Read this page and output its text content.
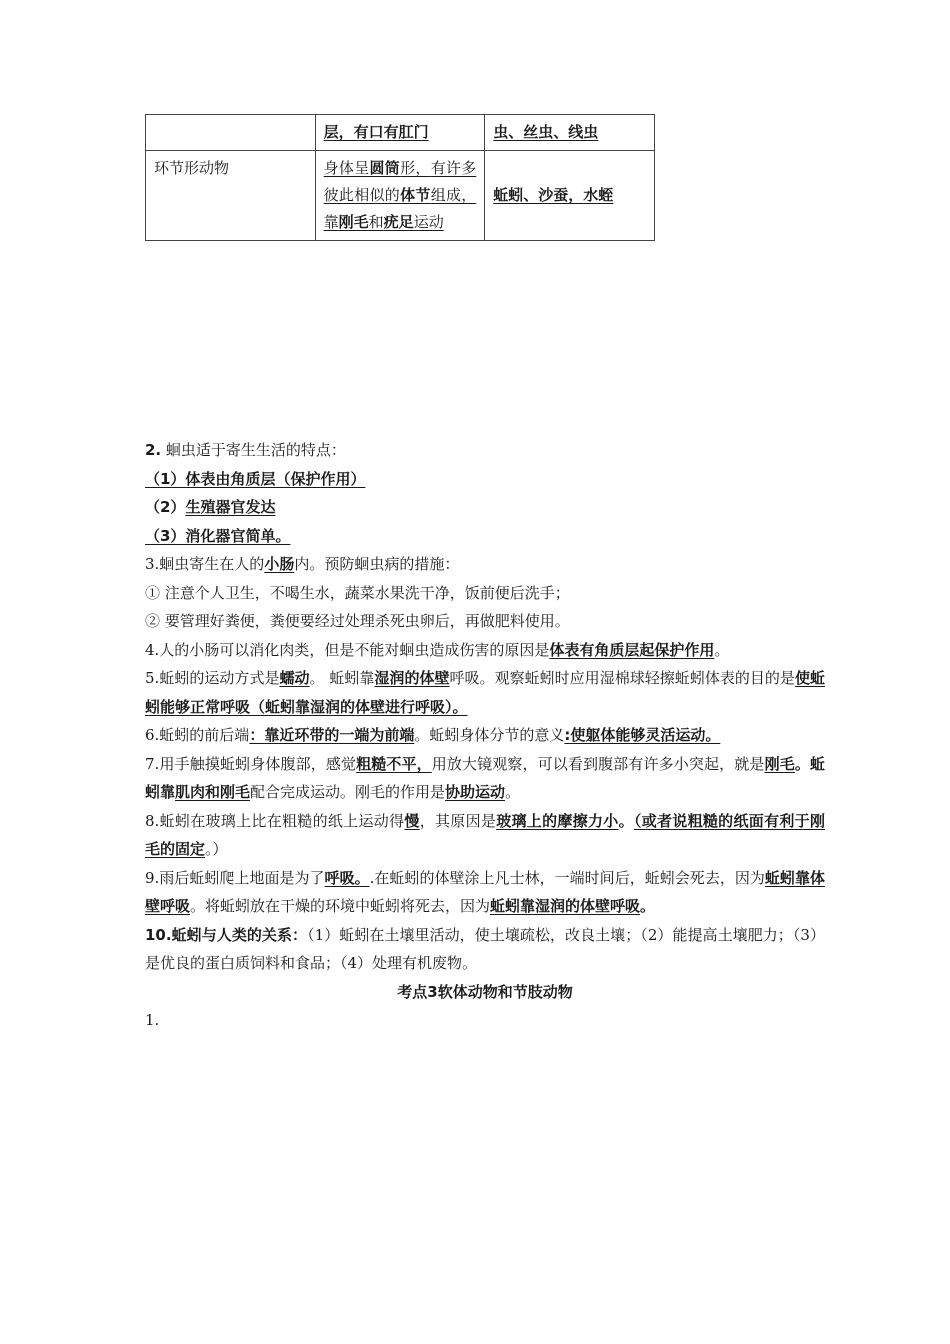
	层，有口有肛门	虫、丝虫、线虫
环节形动物	身体呈圆筒形，有许多彼此相似的体节组成，靠刚毛和疣足运动	蚯蚓、沙蚕，水蛭

2. 蛔虫适于寄生生活的特点：

（1）体表由角质层（保护作用）

（2）生殖器官发达

（3）消化器官简单。

3.蛔虫寄生在人的小肠内。预防蛔虫病的措施：

① 注意个人卫生，不喝生水，蔬菜水果洗干净，饭前便后洗手；

② 要管理好粪便，粪便要经过处理杀死虫卵后，再做肥料使用。

4.人的小肠可以消化肉类，但是不能对蛔虫造成伤害的原因是体表有角质层起保护作用。

5.蚯蚓的运动方式是蠕动。 蚯蚓靠湿润的体壁呼吸。观察蚯蚓时应用湿棉球轻擦蚯蚓体表的目的是使蚯蚓能够正常呼吸（蚯蚓靠湿润的体壁进行呼吸）。

6.蚯蚓的前后端：靠近环带的一端为前端。蚯蚓身体分节的意义:使躯体能够灵活运动。

7.用手触摸蚯蚓身体腹部，感觉粗糙不平，用放大镜观察，可以看到腹部有许多小突起，就是刚毛。蚯蚓靠肌肉和刚毛配合完成运动。刚毛的作用是协助运动。

8.蚯蚓在玻璃上比在粗糙的纸上运动得慢，其原因是玻璃上的摩擦力小。（或者说粗糙的纸面有利于刚毛的固定。）

9.雨后蚯蚓爬上地面是为了呼吸。.在蚯蚓的体壁涂上凡士林，一端时间后，蚯蚓会死去，因为蚯蚓靠体壁呼吸。将蚯蚓放在干燥的环境中蚯蚓将死去，因为蚯蚓靠湿润的体壁呼吸。

10.蚯蚓与人类的关系：（1）蚯蚓在土壤里活动，使土壤疏松，改良土壤；（2）能提高土壤肥力；（3）是优良的蛋白质饲料和食品；（4）处理有机废物。

考点3软体动物和节肢动物

1.
